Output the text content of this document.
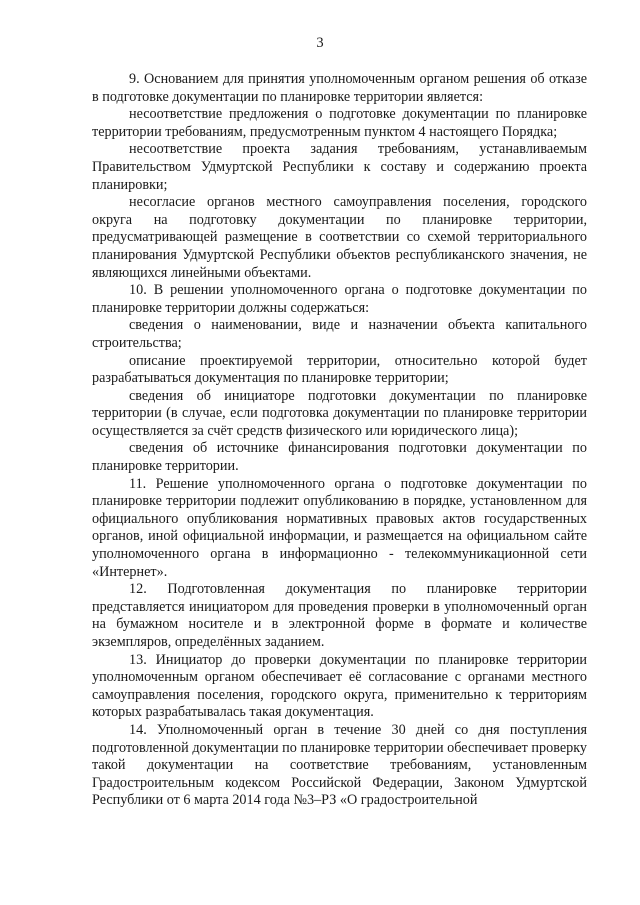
3

9. Основанием для принятия уполномоченным органом решения об отказе в подготовке документации по планировке территории является:

несоответствие предложения о подготовке документации по планировке территории требованиям, предусмотренным пунктом 4 настоящего Порядка;

несоответствие проекта задания требованиям, устанавливаемым Правительством Удмуртской Республики к составу и содержанию проекта планировки;

несогласие органов местного самоуправления поселения, городского округа на подготовку документации по планировке территории, предусматривающей размещение в соответствии со схемой территориального планирования Удмуртской Республики объектов республиканского значения, не являющихся линейными объектами.

10. В решении уполномоченного органа о подготовке документации по планировке территории должны содержаться:

сведения о наименовании, виде и назначении объекта капитального строительства;

описание проектируемой территории, относительно которой будет разрабатываться документация по планировке территории;

сведения об инициаторе подготовки документации по планировке территории (в случае, если подготовка документации по планировке территории осуществляется за счёт средств физического или юридического лица);

сведения об источнике финансирования подготовки документации по планировке территории.

11. Решение уполномоченного органа о подготовке документации по планировке территории подлежит опубликованию в порядке, установленном для официального опубликования нормативных правовых актов государственных органов, иной официальной информации, и размещается на официальном сайте уполномоченного органа в информационно - телекоммуникационной сети «Интернет».

12. Подготовленная документация по планировке территории представляется инициатором для проведения проверки в уполномоченный орган на бумажном носителе и в электронной форме в формате и количестве экземпляров, определённых заданием.

13. Инициатор до проверки документации по планировке территории уполномоченным органом обеспечивает её согласование с органами местного самоуправления поселения, городского округа, применительно к территориям которых разрабатывалась такая документация.

14. Уполномоченный орган в течение 30 дней со дня поступления подготовленной документации по планировке территории обеспечивает проверку такой документации на соответствие требованиям, установленным Градостроительным кодексом Российской Федерации, Законом Удмуртской Республики от 6 марта 2014 года №3–РЗ «О градостроительной
